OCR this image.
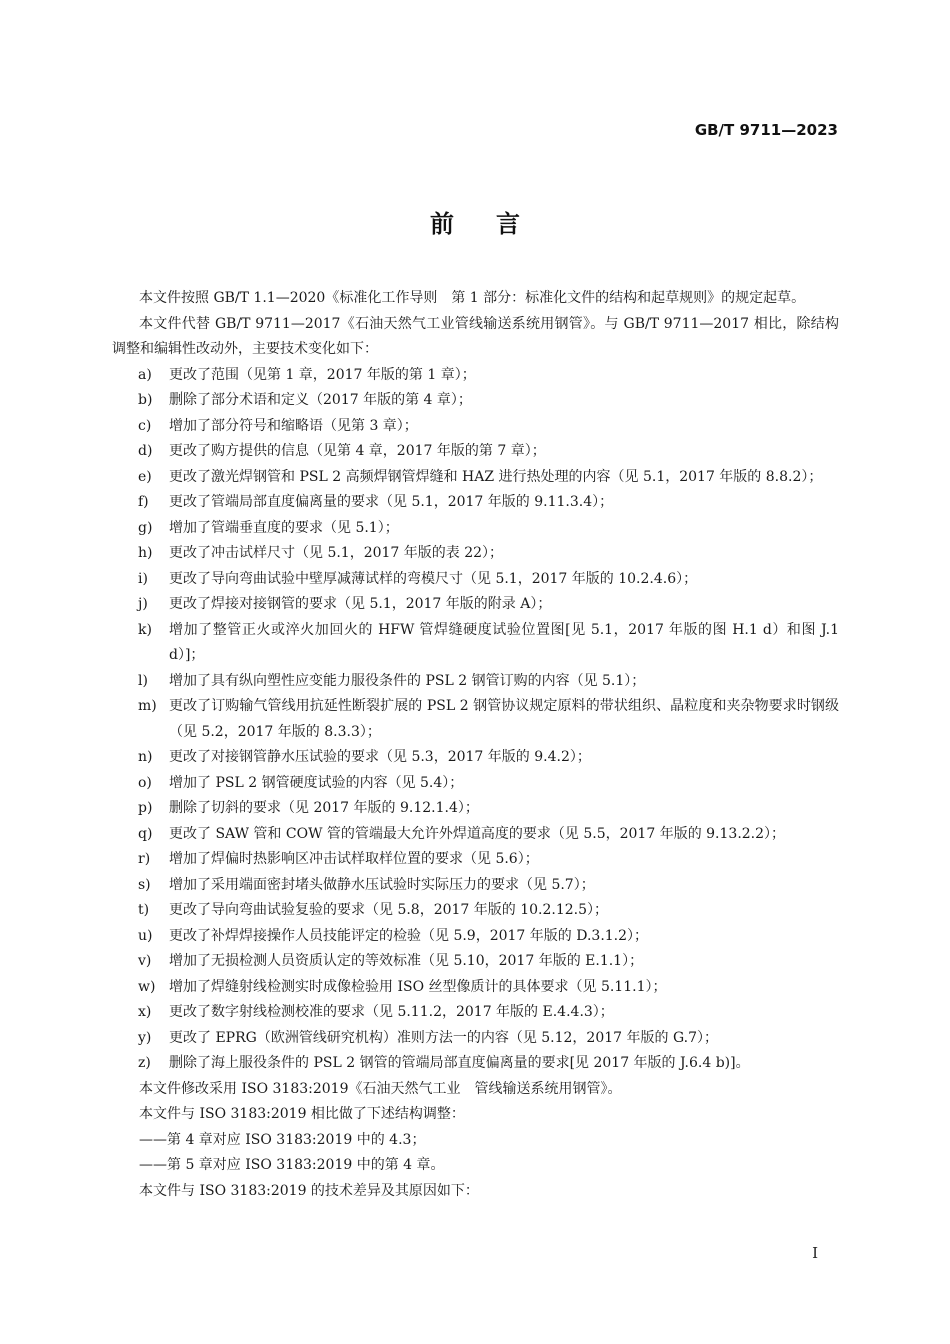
GB/T 9711—2023
前言

本文件按照 GB/T 1.1—2020《标准化工作导则　第 1 部分：标准化文件的结构和起草规则》的规定起草。

本文件代替 GB/T 9711—2017《石油天然气工业管线输送系统用钢管》。与 GB/T 9711—2017 相比，除结构调整和编辑性改动外，主要技术变化如下：

a) 更改了范围（见第 1 章，2017 年版的第 1 章）；
b) 删除了部分术语和定义（2017 年版的第 4 章）；
c) 增加了部分符号和缩略语（见第 3 章）；
d) 更改了购方提供的信息（见第 4 章，2017 年版的第 7 章）；
e) 更改了激光焊钢管和 PSL 2 高频焊钢管焊缝和 HAZ 进行热处理的内容（见 5.1，2017 年版的 8.8.2）；
f) 更改了管端局部直度偏离量的要求（见 5.1，2017 年版的 9.11.3.4）；
g) 增加了管端垂直度的要求（见 5.1）；
h) 更改了冲击试样尺寸（见 5.1，2017 年版的表 22）；
i) 更改了导向弯曲试验中壁厚减薄试样的弯模尺寸（见 5.1，2017 年版的 10.2.4.6）；
j) 更改了焊接对接钢管的要求（见 5.1，2017 年版的附录 A）；
k) 增加了整管正火或淬火加回火的 HFW 管焊缝硬度试验位置图[见 5.1，2017 年版的图 H.1 d）和图 J.1 d）]；
l) 增加了具有纵向塑性应变能力服役条件的 PSL 2 钢管订购的内容（见 5.1）；
m) 更改了订购输气管线用抗延性断裂扩展的 PSL 2 钢管协议规定原料的带状组织、晶粒度和夹杂物要求时钢级（见 5.2，2017 年版的 8.3.3）；
n) 更改了对接钢管静水压试验的要求（见 5.3，2017 年版的 9.4.2）；
o) 增加了 PSL 2 钢管硬度试验的内容（见 5.4）；
p) 删除了切斜的要求（见 2017 年版的 9.12.1.4）；
q) 更改了 SAW 管和 COW 管的管端最大允许外焊道高度的要求（见 5.5，2017 年版的 9.13.2.2）；
r) 增加了焊偏时热影响区冲击试样取样位置的要求（见 5.6）；
s) 增加了采用端面密封堵头做静水压试验时实际压力的要求（见 5.7）；
t) 更改了导向弯曲试验复验的要求（见 5.8，2017 年版的 10.2.12.5）；
u) 更改了补焊焊接操作人员技能评定的检验（见 5.9，2017 年版的 D.3.1.2）；
v) 增加了无损检测人员资质认定的等效标准（见 5.10，2017 年版的 E.1.1）；
w) 增加了焊缝射线检测实时成像检验用 ISO 丝型像质计的具体要求（见 5.11.1）；
x) 更改了数字射线检测校准的要求（见 5.11.2，2017 年版的 E.4.4.3）；
y) 更改了 EPRG（欧洲管线研究机构）准则方法一的内容（见 5.12，2017 年版的 G.7）；
z) 删除了海上服役条件的 PSL 2 钢管的管端局部直度偏离量的要求[见 2017 年版的 J.6.4 b)]。

本文件修改采用 ISO 3183:2019《石油天然气工业　管线输送系统用钢管》。

本文件与 ISO 3183:2019 相比做了下述结构调整：

——第 4 章对应 ISO 3183:2019 中的 4.3；

——第 5 章对应 ISO 3183:2019 中的第 4 章。

本文件与 ISO 3183:2019 的技术差异及其原因如下：

I
